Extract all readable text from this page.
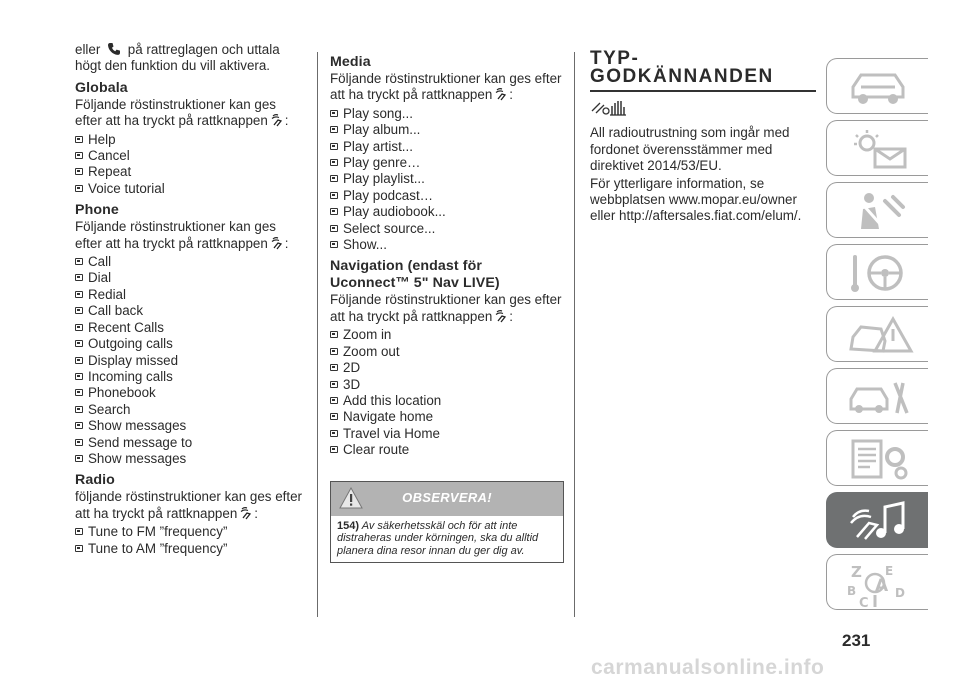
eller på rattreglagen och uttala högt den funktion du vill aktivera.

Globala

Följande röstinstruktioner kan ges efter att ha tryckt på rattknappen :

Help
Cancel
Repeat
Voice tutorial
Phone

Följande röstinstruktioner kan ges efter att ha tryckt på rattknappen :

Call
Dial
Redial
Call back
Recent Calls
Outgoing calls
Display missed
Incoming calls
Phonebook
Search
Show messages
Send message to
Show messages
Radio

följande röstinstruktioner kan ges efter att ha tryckt på rattknappen :

Tune to FM ”frequency”
Tune to AM ”frequency”
Media

Följande röstinstruktioner kan ges efter att ha tryckt på rattknappen :

Play song...
Play album...
Play artist...
Play genre…
Play playlist...
Play podcast…
Play audiobook...
Select source...
Show...
Navigation (endast för Uconnect™ 5" Nav LIVE)

Följande röstinstruktioner kan ges efter att ha tryckt på rattknappen :

Zoom in
Zoom out
2D
3D
Add this location
Navigate home
Travel via Home
Clear route
OBSERVERA!
154) Av säkerhetsskäl och för att inte distraheras under körningen, ska du alltid planera dina resor innan du ger dig av.
TYP-
GODKÄNNANDEN

All radioutrustning som ingår med fordonet överensstämmer med direktivet 2014/53/EU.

För ytterligare information, se webbplatsen www.mopar.eu/owner eller http://aftersales.fiat.com/elum/.

Z E
A
B	D
C
231
carmanualsonline.info
